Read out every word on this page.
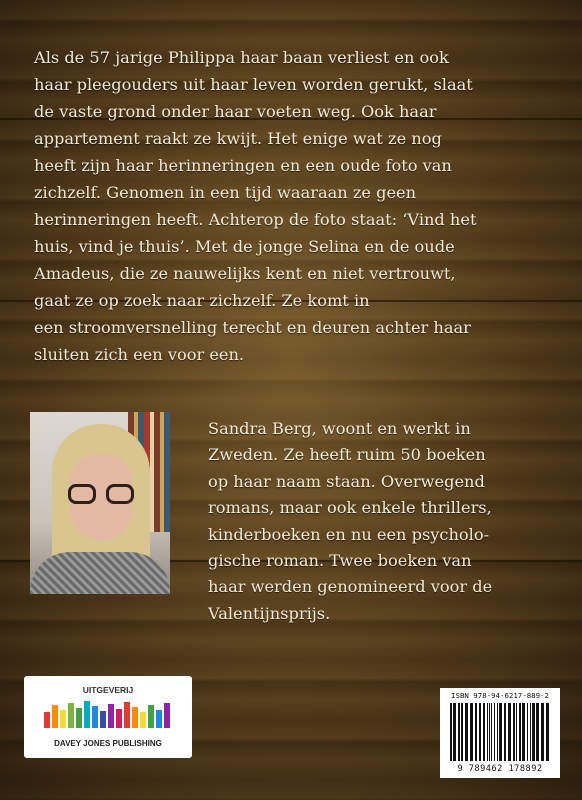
Als de 57 jarige Philippa haar baan verliest en ook
haar pleegouders uit haar leven worden gerukt, slaat
de vaste grond onder haar voeten weg. Ook haar
appartement raakt ze kwijt. Het enige wat ze nog
heeft zijn haar herinneringen en een oude foto van
zichzelf. Genomen in een tijd waaraan ze geen
herinneringen heeft. Achterop de foto staat: ‘Vind het
huis, vind je thuis’. Met de jonge Selina en de oude
Amadeus, die ze nauwelijks kent en niet vertrouwt,
gaat ze op zoek naar zichzelf. Ze komt in
een stroomversnelling terecht en deuren achter haar
sluiten zich een voor een.
Sandra Berg, woont en werkt in
Zweden. Ze heeft ruim 50 boeken
op haar naam staan. Overwegend
romans, maar ook enkele thrillers,
kinderboeken en nu een psycholo-
gische roman. Twee boeken van
haar werden genomineerd voor de
Valentijnsprijs.
UITGEVERIJ
DAVEY JONES PUBLISHING
ISBN 978-94-6217-889-2
9 789462 178892
